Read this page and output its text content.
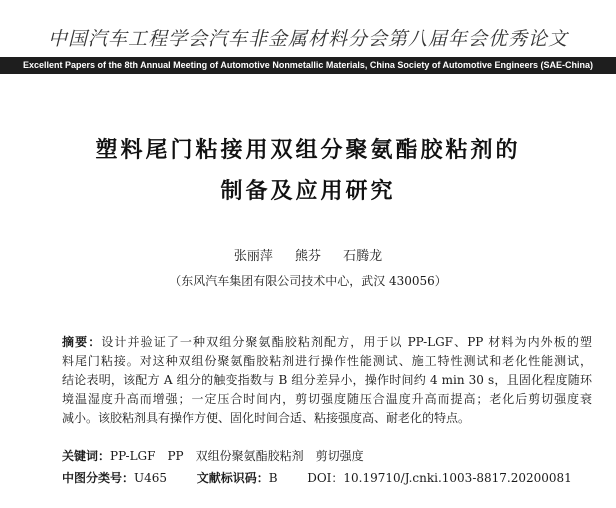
中国汽车工程学会汽车非金属材料分会第八届年会优秀论文
Excellent Papers of the 8th Annual Meeting of Automotive Nonmetallic Materials, China Society of Automotive Engineers (SAE-China)
塑料尾门粘接用双组分聚氨酯胶粘剂的
制备及应用研究
张丽萍 熊芬 石腾龙
（东风汽车集团有限公司技术中心，武汉 430056）
摘要：设计并验证了一种双组分聚氨酯胶粘剂配方，用于以 PP-LGF、PP 材料为内外板的塑
料尾门粘接。对这种双组份聚氨酯胶粘剂进行操作性能测试、施工特性测试和老化性能测试，
结论表明，该配方 A 组分的触变指数与 B 组分差异小，操作时间约 4 min 30 s，且固化程度随环
境温湿度升高而增强；一定压合时间内，剪切强度随压合温度升高而提高；老化后剪切强度衰
减小。该胶粘剂具有操作方便、固化时间合适、粘接强度高、耐老化的特点。
关键词：PP-LGF　PP　双组份聚氨酯胶粘剂　剪切强度
中图分类号：U465 文献标识码：B DOI：10.19710/J.cnki.1003-8817.20200081
